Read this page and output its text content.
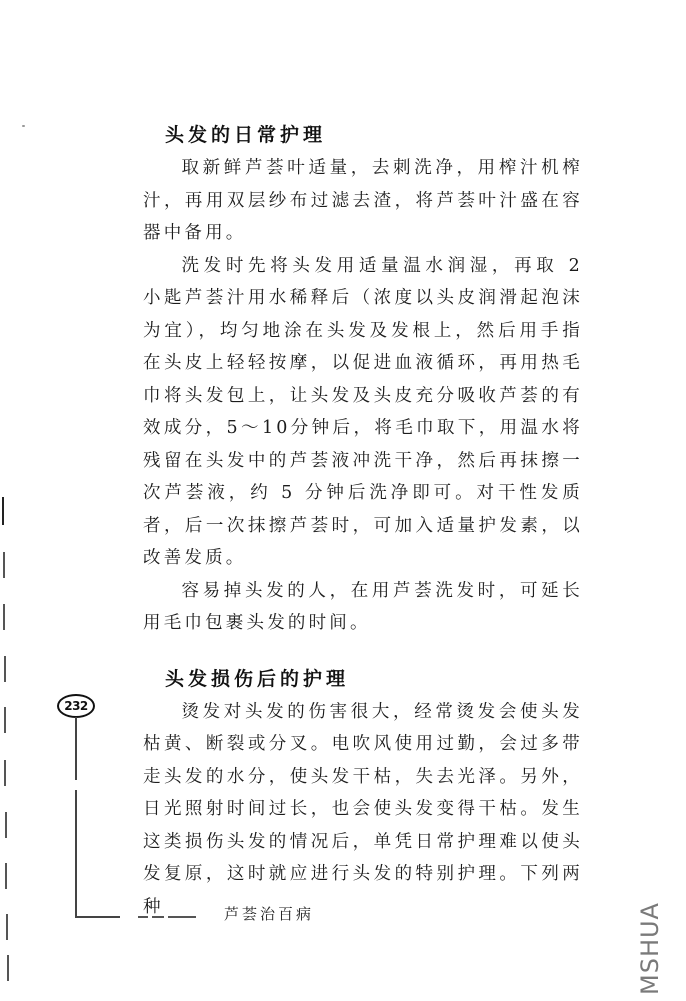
头发的日常护理

取新鲜芦荟叶适量，去刺洗净，用榨汁机榨汁，再用双层纱布过滤去渣，将芦荟叶汁盛在容器中备用。

洗发时先将头发用适量温水润湿，再取 2 小匙芦荟汁用水稀释后（浓度以头皮润滑起泡沫为宜），均匀地涂在头发及发根上，然后用手指在头皮上轻轻按摩，以促进血液循环，再用热毛巾将头发包上，让头发及头皮充分吸收芦荟的有效成分，5～10分钟后，将毛巾取下，用温水将残留在头发中的芦荟液冲洗干净，然后再抹擦一次芦荟液，约 5 分钟后洗净即可。对干性发质者，后一次抹擦芦荟时，可加入适量护发素，以改善发质。

容易掉头发的人，在用芦荟洗发时，可延长用毛巾包裹头发的时间。

头发损伤后的护理

烫发对头发的伤害很大，经常烫发会使头发枯黄、断裂或分叉。电吹风使用过勤，会过多带走头发的水分，使头发干枯，失去光泽。另外，日光照射时间过长，也会使头发变得干枯。发生这类损伤头发的情况后，单凭日常护理难以使头发复原，这时就应进行头发的特别护理。下列两种

232
芦荟治百病	MSHUA
